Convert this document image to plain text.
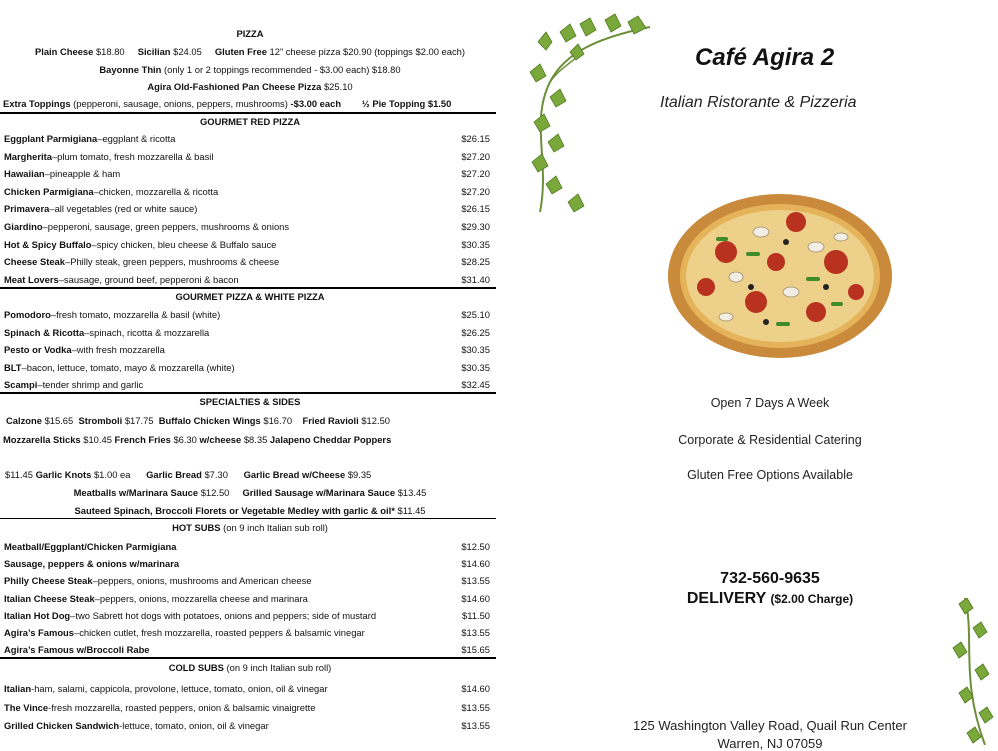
PIZZA
Plain Cheese $18.80 Sicilian $24.05 Gluten Free 12” cheese pizza $20.90 (toppings $2.00 each)
Bayonne Thin (only 1 or 2 toppings recommended - $3.00 each) $18.80
Agira Old-Fashioned Pan Cheese Pizza $25.10
Extra Toppings (pepperoni, sausage, onions, peppers, mushrooms) -$3.00 each ½ Pie Topping $1.50
GOURMET RED PIZZA
Eggplant Parmigiana–eggplant & ricotta	$26.15
Margherita–plum tomato, fresh mozzarella & basil	$27.20
Hawaiian–pineapple & ham	$27.20
Chicken Parmigiana–chicken, mozzarella & ricotta	$27.20
Primavera–all vegetables (red or white sauce)	$26.15
Giardino–pepperoni, sausage, green peppers, mushrooms & onions	$29.30
Hot & Spicy Buffalo–spicy chicken, bleu cheese & Buffalo sauce	$30.35
Cheese Steak–Philly steak, green peppers, mushrooms & cheese	$28.25
Meat Lovers–sausage, ground beef, pepperoni & bacon	$31.40
GOURMET PIZZA & WHITE PIZZA
Pomodoro–fresh tomato, mozzarella & basil (white)	$25.10
Spinach & Ricotta–spinach, ricotta & mozzarella	$26.25
Pesto or Vodka–with fresh mozzarella	$30.35
BLT–bacon, lettuce, tomato, mayo & mozzarella (white)	$30.35
Scampi–tender shrimp and garlic	$32.45
SPECIALTIES & SIDES
Calzone $15.65 Stromboli $17.75 Buffalo Chicken Wings $16.70 Fried Ravioli $12.50
Mozzarella Sticks $10.45 French Fries $6.30 w/cheese $8.35 Jalapeno Cheddar Poppers
$11.45 Garlic Knots $1.00 ea Garlic Bread $7.30 Garlic Bread w/Cheese $9.35
Meatballs w/Marinara Sauce $12.50 Grilled Sausage w/Marinara Sauce $13.45
Sauteed Spinach, Broccoli Florets or Vegetable Medley with garlic & oil* $11.45
HOT SUBS (on 9 inch Italian sub roll)
Meatball/Eggplant/Chicken Parmigiana	$12.50
Sausage, peppers & onions w/marinara	$14.60
Philly Cheese Steak–peppers, onions, mushrooms and American cheese	$13.55
Italian Cheese Steak–peppers, onions, mozzarella cheese and marinara	$14.60
Italian Hot Dog–two Sabrett hot dogs with potatoes, onions and peppers; side of mustard	$11.50
Agira’s Famous–chicken cutlet, fresh mozzarella, roasted peppers & balsamic vinegar	$13.55
Agira’s Famous w/Broccoli Rabe	$15.65
COLD SUBS (on 9 inch Italian sub roll)
Italian-ham, salami, cappicola, provolone, lettuce, tomato, onion, oil & vinegar	$14.60
The Vince-fresh mozzarella, roasted peppers, onion & balsamic vinaigrette	$13.55
Grilled Chicken Sandwich-lettuce, tomato, onion, oil & vinegar	$13.55
Café Agira 2
Italian Ristorante & Pizzeria
Open 7 Days A Week
Corporate & Residential Catering
Gluten Free Options Available
732-560-9635
DELIVERY ($2.00 Charge)
125 Washington Valley Road, Quail Run Center
Warren, NJ 07059
